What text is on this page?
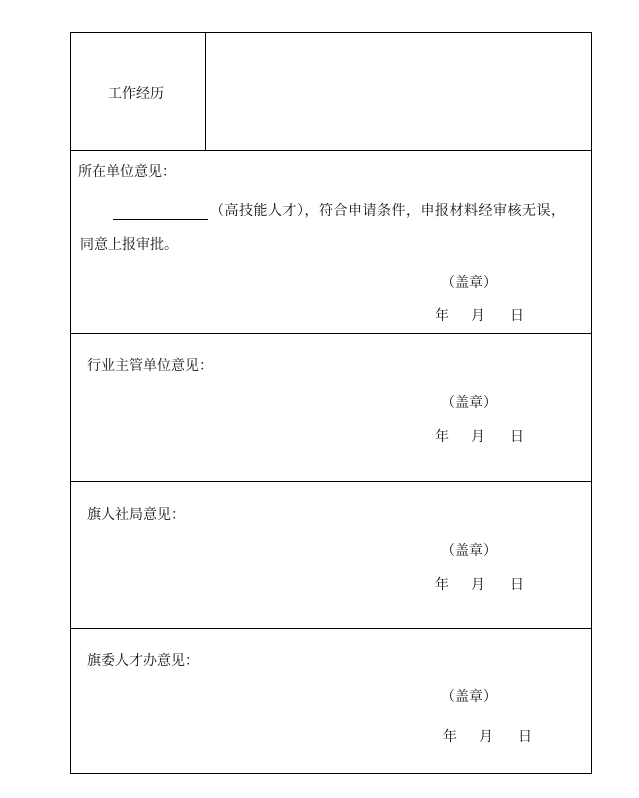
工作经历
所在单位意见：
（高技能人才），符合申请条件，申报材料经审核无误，
同意上报审批。
（盖章）
年 月 日
行业主管单位意见：
（盖章）
年 月 日
旗人社局意见：
（盖章）
年 月 日
旗委人才办意见：
（盖章）
年 月 日
